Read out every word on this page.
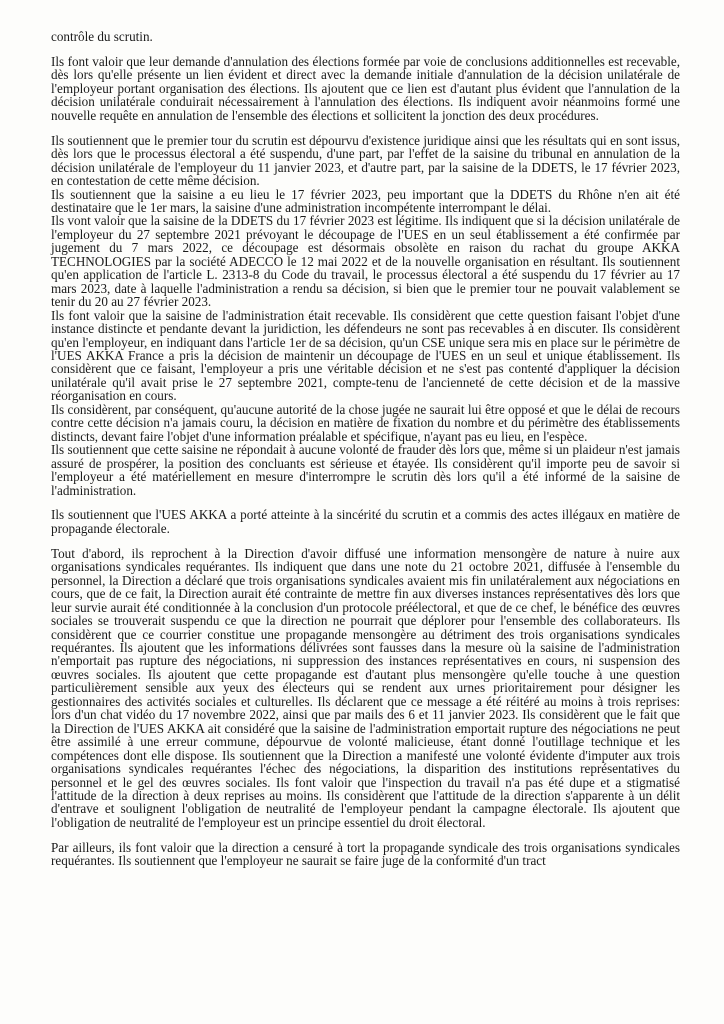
contrôle du scrutin.

Ils font valoir que leur demande d'annulation des élections formée par voie de conclusions additionnelles est recevable, dès lors qu'elle présente un lien évident et direct avec la demande initiale d'annulation de la décision unilatérale de l'employeur portant organisation des élections. Ils ajoutent que ce lien est d'autant plus évident que l'annulation de la décision unilatérale conduirait nécessairement à l'annulation des élections. Ils indiquent avoir néanmoins formé une nouvelle requête en annulation de l'ensemble des élections et sollicitent la jonction des deux procédures.

Ils soutiennent que le premier tour du scrutin est dépourvu d'existence juridique ainsi que les résultats qui en sont issus, dès lors que le processus électoral a été suspendu, d'une part, par l'effet de la saisine du tribunal en annulation de la décision unilatérale de l'employeur du 11 janvier 2023, et d'autre part, par la saisine de la DDETS, le 17 février 2023, en contestation de cette même décision.

Ils soutiennent que la saisine a eu lieu le 17 février 2023, peu important que la DDETS du Rhône n'en ait été destinataire que le 1er mars, la saisine d'une administration incompétente interrompant le délai.

Ils vont valoir que la saisine de la DDETS du 17 février 2023 est légitime. Ils indiquent que si la décision unilatérale de l'employeur du 27 septembre 2021 prévoyant le découpage de l'UES en un seul établissement a été confirmée par jugement du 7 mars 2022, ce découpage est désormais obsolète en raison du rachat du groupe AKKA TECHNOLOGIES par la société ADECCO le 12 mai 2022 et de la nouvelle organisation en résultant. Ils soutiennent qu'en application de l'article L. 2313-8 du Code du travail, le processus électoral a été suspendu du 17 février au 17 mars 2023, date à laquelle l'administration a rendu sa décision, si bien que le premier tour ne pouvait valablement se tenir du 20 au 27 février 2023.

Ils font valoir que la saisine de l'administration était recevable. Ils considèrent que cette question faisant l'objet d'une instance distincte et pendante devant la juridiction, les défendeurs ne sont pas recevables à en discuter. Ils considèrent qu'en l'employeur, en indiquant dans l'article 1er de sa décision, qu'un CSE unique sera mis en place sur le périmètre de l'UES AKKA France a pris la décision de maintenir un découpage de l'UES en un seul et unique établissement. Ils considèrent que ce faisant, l'employeur a pris une véritable décision et ne s'est pas contenté d'appliquer la décision unilatérale qu'il avait prise le 27 septembre 2021, compte-tenu de l'ancienneté de cette décision et de la massive réorganisation en cours.

Ils considèrent, par conséquent, qu'aucune autorité de la chose jugée ne saurait lui être opposé et que le délai de recours contre cette décision n'a jamais couru, la décision en matière de fixation du nombre et du périmètre des établissements distincts, devant faire l'objet d'une information préalable et spécifique, n'ayant pas eu lieu, en l'espèce.

Ils soutiennent que cette saisine ne répondait à aucune volonté de frauder dès lors que, même si un plaideur n'est jamais assuré de prospérer, la position des concluants est sérieuse et étayée. Ils considèrent qu'il importe peu de savoir si l'employeur a été matériellement en mesure d'interrompre le scrutin dès lors qu'il a été informé de la saisine de l'administration.

Ils soutiennent que l'UES AKKA a porté atteinte à la sincérité du scrutin et a commis des actes illégaux en matière de propagande électorale.

Tout d'abord, ils reprochent à la Direction d'avoir diffusé une information mensongère de nature à nuire aux organisations syndicales requérantes. Ils indiquent que dans une note du 21 octobre 2021, diffusée à l'ensemble du personnel, la Direction a déclaré que trois organisations syndicales avaient mis fin unilatéralement aux négociations en cours, que de ce fait, la Direction aurait été contrainte de mettre fin aux diverses instances représentatives dès lors que leur survie aurait été conditionnée à la conclusion d'un protocole préélectoral, et que de ce chef, le bénéfice des œuvres sociales se trouverait suspendu ce que la direction ne pourrait que déplorer pour l'ensemble des collaborateurs. Ils considèrent que ce courrier constitue une propagande mensongère au détriment des trois organisations syndicales requérantes. Ils ajoutent que les informations délivrées sont fausses dans la mesure où la saisine de l'administration n'emportait pas rupture des négociations, ni suppression des instances représentatives en cours, ni suspension des œuvres sociales. Ils ajoutent que cette propagande est d'autant plus mensongère qu'elle touche à une question particulièrement sensible aux yeux des électeurs qui se rendent aux urnes prioritairement pour désigner les gestionnaires des activités sociales et culturelles. Ils déclarent que ce message a été réitéré au moins à trois reprises: lors d'un chat vidéo du 17 novembre 2022, ainsi que par mails des 6 et 11 janvier 2023. Ils considèrent que le fait que la Direction de l'UES AKKA ait considéré que la saisine de l'administration emportait rupture des négociations ne peut être assimilé à une erreur commune, dépourvue de volonté malicieuse, étant donné l'outillage technique et les compétences dont elle dispose. Ils soutiennent que la Direction a manifesté une volonté évidente d'imputer aux trois organisations syndicales requérantes l'échec des négociations, la disparition des institutions représentatives du personnel et le gel des œuvres sociales. Ils font valoir que l'inspection du travail n'a pas été dupe et a stigmatisé l'attitude de la direction à deux reprises au moins. Ils considèrent que l'attitude de la direction s'apparente à un délit d'entrave et soulignent l'obligation de neutralité de l'employeur pendant la campagne électorale. Ils ajoutent que l'obligation de neutralité de l'employeur est un principe essentiel du droit électoral.

Par ailleurs, ils font valoir que la direction a censuré à tort la propagande syndicale des trois organisations syndicales requérantes. Ils soutiennent que l'employeur ne saurait se faire juge de la conformité d'un tract
